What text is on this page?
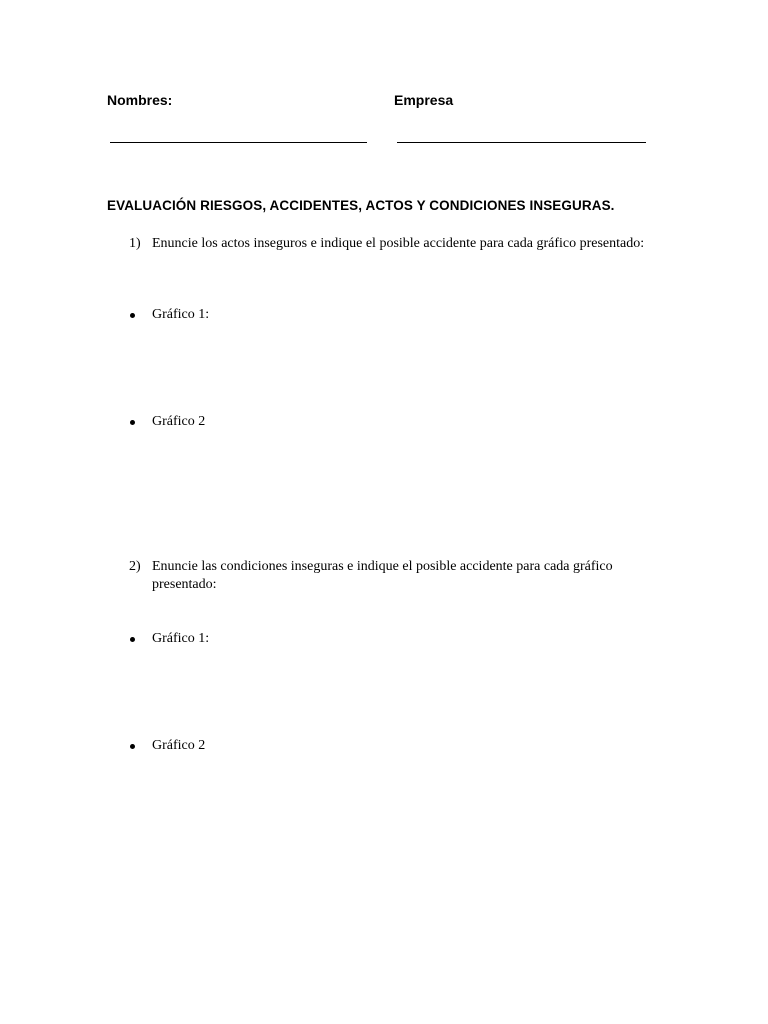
Nombres:	Empresa
EVALUACIÓN RIESGOS, ACCIDENTES, ACTOS Y CONDICIONES INSEGURAS.
1) Enuncie los actos inseguros e indique el posible accidente para cada gráfico presentado:
Gráfico 1:
Gráfico 2
2) Enuncie las condiciones inseguras e indique el posible accidente para cada gráfico presentado:
Gráfico 1:
Gráfico 2
